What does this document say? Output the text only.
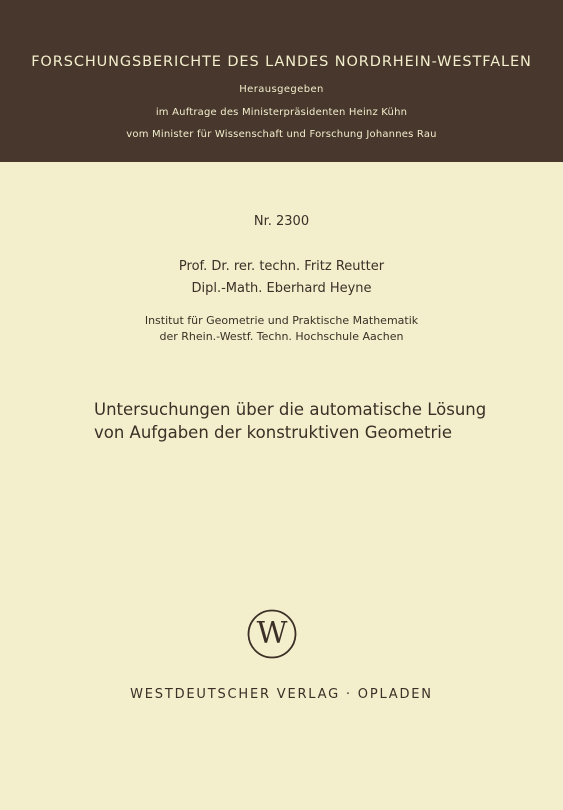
FORSCHUNGSBERICHTE DES LANDES NORDRHEIN-WESTFALEN
Herausgegeben
im Auftrage des Ministerpräsidenten Heinz Kühn
vom Minister für Wissenschaft und Forschung Johannes Rau
Nr. 2300
Prof. Dr. rer. techn. Fritz Reutter
Dipl.-Math. Eberhard Heyne
Institut für Geometrie und Praktische Mathematik
der Rhein.-Westf. Techn. Hochschule Aachen
Untersuchungen über die automatische Lösung
von Aufgaben der konstruktiven Geometrie
W
WESTDEUTSCHER VERLAG · OPLADEN
